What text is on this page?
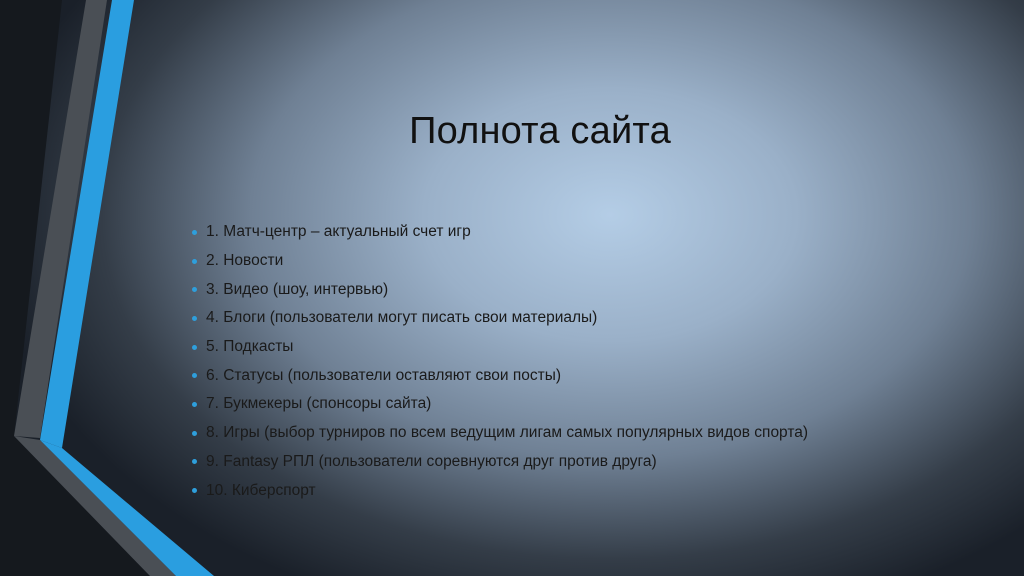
Полнота сайта
1. Матч-центр – актуальный счет игр
2. Новости
3. Видео (шоу, интервью)
4. Блоги (пользователи могут писать свои материалы)
5. Подкасты
6. Статусы (пользователи оставляют свои посты)
7. Букмекеры (спонсоры сайта)
8. Игры (выбор турниров по всем ведущим лигам самых популярных видов спорта)
9. Fantasy РПЛ (пользователи соревнуются друг против друга)
10. Киберспорт
